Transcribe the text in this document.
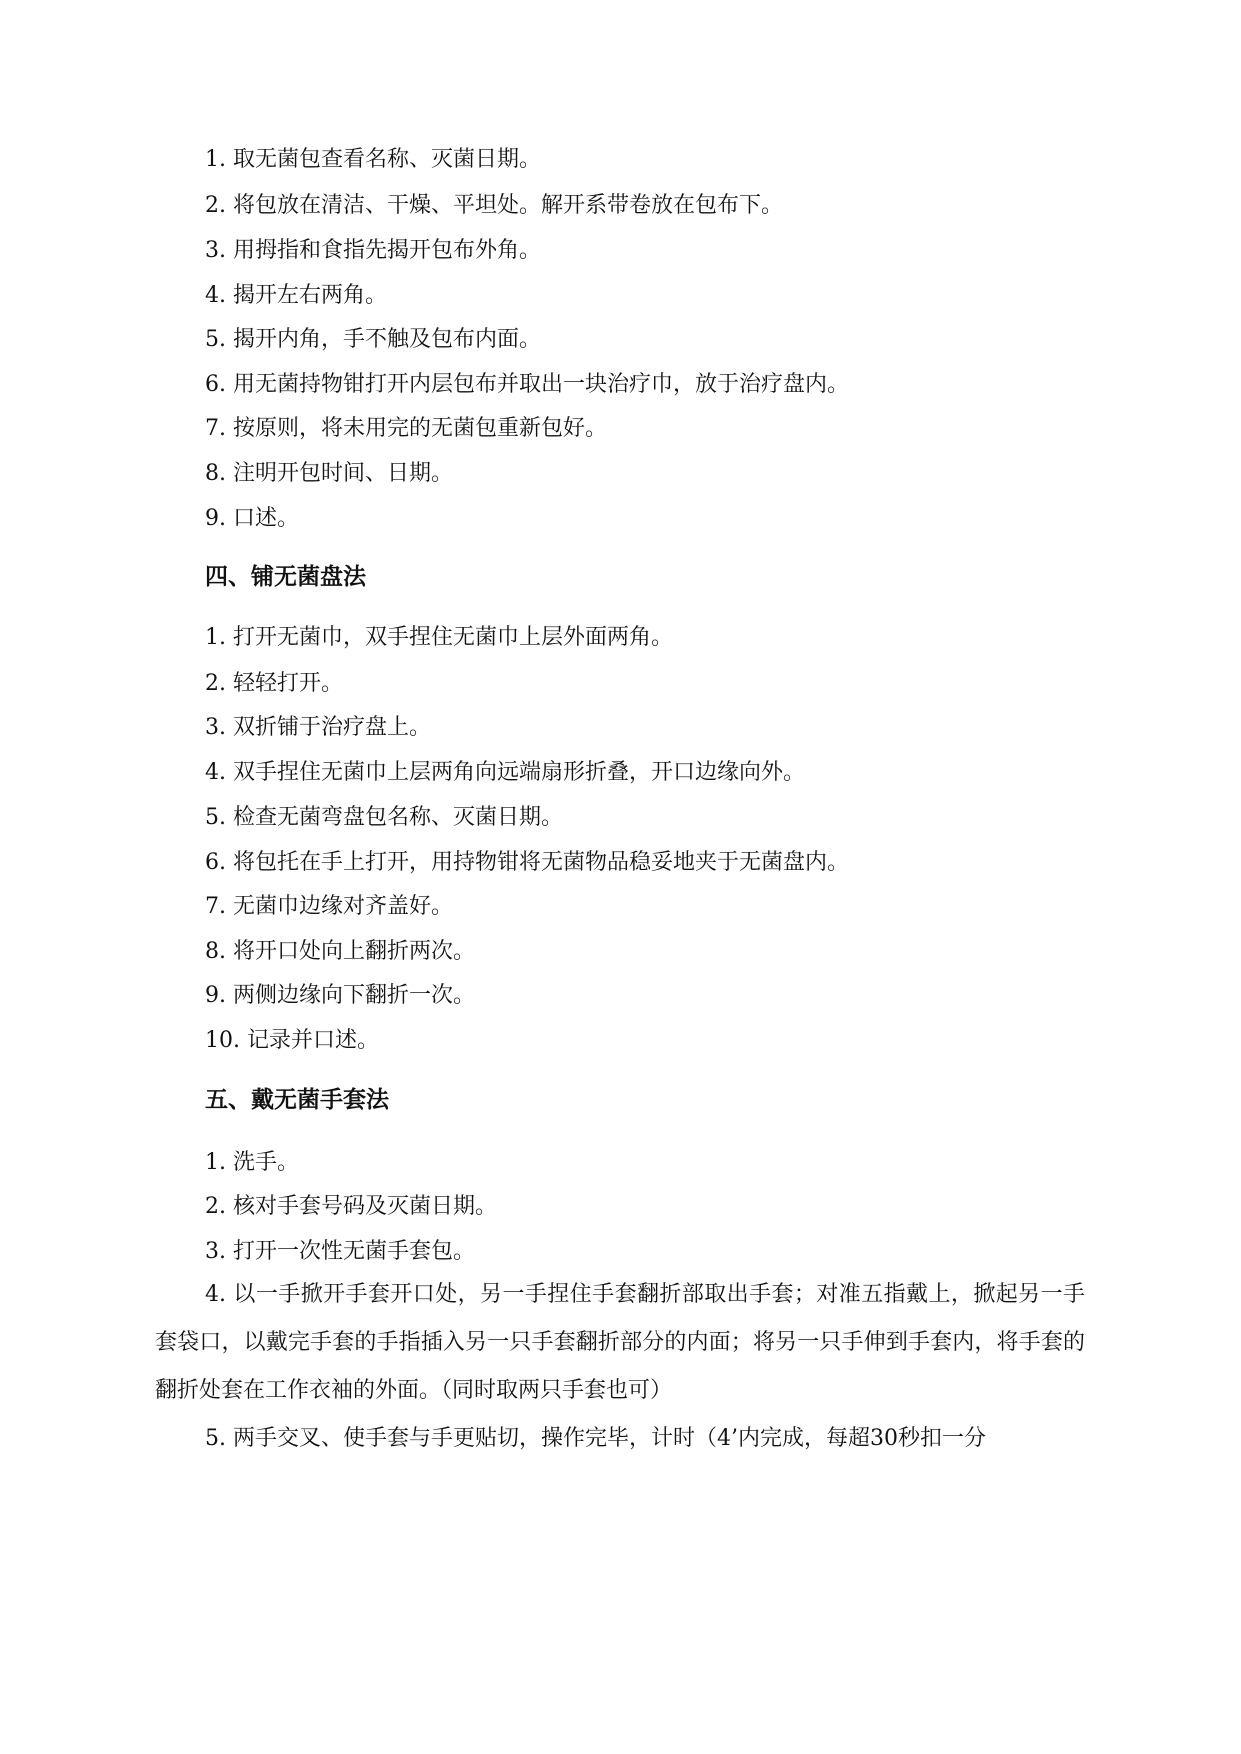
1. 取无菌包查看名称、灭菌日期。
2. 将包放在清洁、干燥、平坦处。解开系带卷放在包布下。
3. 用拇指和食指先揭开包布外角。
4. 揭开左右两角。
5. 揭开内角，手不触及包布内面。
6. 用无菌持物钳打开内层包布并取出一块治疗巾，放于治疗盘内。
7. 按原则，将未用完的无菌包重新包好。
8. 注明开包时间、日期。
9. 口述。
四、铺无菌盘法
1. 打开无菌巾，双手捏住无菌巾上层外面两角。
2. 轻轻打开。
3. 双折铺于治疗盘上。
4. 双手捏住无菌巾上层两角向远端扇形折叠，开口边缘向外。
5. 检查无菌弯盘包名称、灭菌日期。
6. 将包托在手上打开，用持物钳将无菌物品稳妥地夹于无菌盘内。
7. 无菌巾边缘对齐盖好。
8. 将开口处向上翻折两次。
9. 两侧边缘向下翻折一次。
10. 记录并口述。
五、戴无菌手套法
1. 洗手。
2. 核对手套号码及灭菌日期。
3. 打开一次性无菌手套包。
4. 以一手掀开手套开口处，另一手捏住手套翻折部取出手套；对准五指戴上，掀起另一手套袋口，以戴完手套的手指插入另一只手套翻折部分的内面；将另一只手伸到手套内，将手套的翻折处套在工作衣袖的外面。（同时取两只手套也可）
5. 两手交叉、使手套与手更贴切，操作完毕，计时（4’内完成，每超30秒扣一分
